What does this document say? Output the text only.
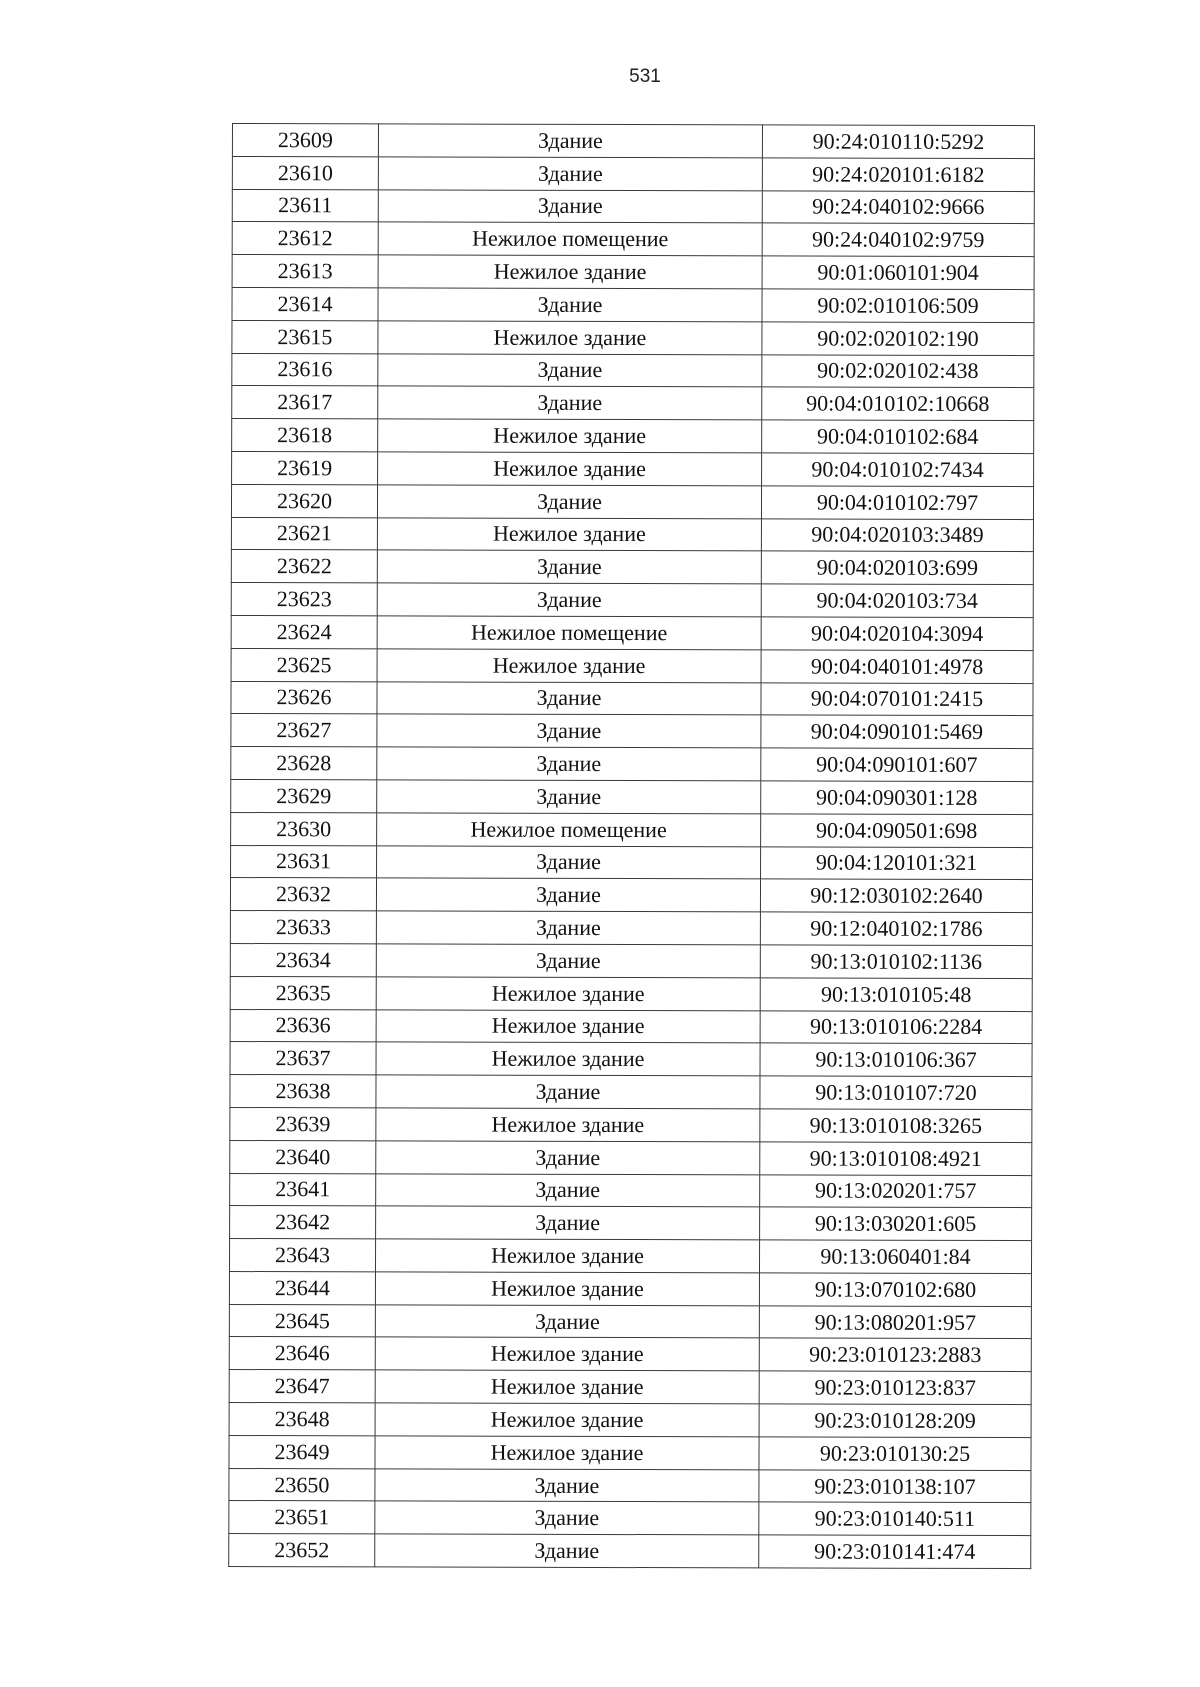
531
23609	Здание	90:24:010110:5292
23610	Здание	90:24:020101:6182
23611	Здание	90:24:040102:9666
23612	Нежилое помещение	90:24:040102:9759
23613	Нежилое здание	90:01:060101:904
23614	Здание	90:02:010106:509
23615	Нежилое здание	90:02:020102:190
23616	Здание	90:02:020102:438
23617	Здание	90:04:010102:10668
23618	Нежилое здание	90:04:010102:684
23619	Нежилое здание	90:04:010102:7434
23620	Здание	90:04:010102:797
23621	Нежилое здание	90:04:020103:3489
23622	Здание	90:04:020103:699
23623	Здание	90:04:020103:734
23624	Нежилое помещение	90:04:020104:3094
23625	Нежилое здание	90:04:040101:4978
23626	Здание	90:04:070101:2415
23627	Здание	90:04:090101:5469
23628	Здание	90:04:090101:607
23629	Здание	90:04:090301:128
23630	Нежилое помещение	90:04:090501:698
23631	Здание	90:04:120101:321
23632	Здание	90:12:030102:2640
23633	Здание	90:12:040102:1786
23634	Здание	90:13:010102:1136
23635	Нежилое здание	90:13:010105:48
23636	Нежилое здание	90:13:010106:2284
23637	Нежилое здание	90:13:010106:367
23638	Здание	90:13:010107:720
23639	Нежилое здание	90:13:010108:3265
23640	Здание	90:13:010108:4921
23641	Здание	90:13:020201:757
23642	Здание	90:13:030201:605
23643	Нежилое здание	90:13:060401:84
23644	Нежилое здание	90:13:070102:680
23645	Здание	90:13:080201:957
23646	Нежилое здание	90:23:010123:2883
23647	Нежилое здание	90:23:010123:837
23648	Нежилое здание	90:23:010128:209
23649	Нежилое здание	90:23:010130:25
23650	Здание	90:23:010138:107
23651	Здание	90:23:010140:511
23652	Здание	90:23:010141:474
